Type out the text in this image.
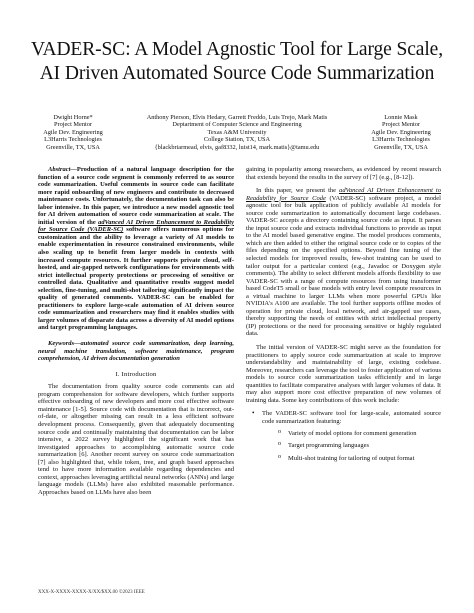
VADER-SC: A Model Agnostic Tool for Large Scale,
AI Driven Automated Source Code Summarization
Dwight Horne*
Project Mentor
Agile Dev. Engineering
L3Harris Technologies
Greenville, TX, USA
Anthony Pierson, Elvis Hedary, Garrett Freddo, Luis Trejo, Mark Matis
Deptartment of Computer Science and Engineering
Texas A&M University
College Station, TX, USA
{blackbriarmead, elvis, gaf8332, luist14, mark.matis}@tamu.edu
Lonnie Mask
Project Mentor
Agile Dev. Engineering
L3Harris Technologies
Greenville, TX, USA

Abstract—Production of a natural language description for the function of a source code segment is commonly referred to as source code summarization. Useful comments in source code can facilitate more rapid onboarding of new engineers and contribute to decreased maintenance costs. Unfortunately, the documentation task can also be labor intensive. In this paper, we introduce a new model agnostic tool for AI driven automation of source code summarization at scale. The initial version of the adVanced AI Driven Enhancement to Readability for Source Code (VADER-SC) software offers numerous options for customization and the ability to leverage a variety of AI models to enable experimentation in resource constrained environments, while also scaling up to benefit from larger models in contexts with increased compute resources. It further supports private cloud, self-hosted, and air-gapped network configurations for environments with strict intellectual property protections or processing of sensitive or controlled data. Qualitative and quantitative results suggest model selection, fine-tuning, and multi-shot tailoring significantly impact the quality of generated comments. VADER-SC can be enabled for practitioners to explore large-scale automation of AI driven source code summarization and researchers may find it enables studies with larger volumes of disparate data across a diversity of AI model options and target programming languages.

Keywords—automated source code summarization, deep learning, neural machine translation, software maintenance, program comprehension, AI driven documentation generation

I. Introduction

The documentation from quality source code comments can aid program comprehension for software developers, which further supports effective onboarding of new developers and more cost effective software maintenance [1-5]. Source code with documentation that is incorrect, out-of-date, or altogether missing can result in a less efficient software development process. Consequently, given that adequately documenting source code and continually maintaining that documentation can be labor intensive, a 2022 survey highlighted the significant work that has investigated approaches to accomplishing automatic source code summarization [6]. Another recent survey on source code summarization [7] also highlighted that, while token, tree, and graph based approaches tend to have more information available regarding dependencies and context, approaches leveraging artificial neural networks (ANNs) and large language models (LLMs) have also exhibited reasonable performance. Approaches based on LLMs have also been

gaining in popularity among researchers, as evidenced by recent research that extends beyond the results in the survey of [7] (e.g., [8-12]).

In this paper, we present the adVanced AI Driven Enhancement to Readability for Source Code (VADER-SC) software project, a model agnostic tool for bulk application of publicly available AI models for source code summarization to automatically document large codebases. VADER-SC accepts a directory containing source code as input. It parses the input source code and extracts individual functions to provide as input to the AI model based generative engine. The model produces comments, which are then added to either the original source code or to copies of the files depending on the specified options. Beyond fine tuning of the selected models for improved results, few-shot training can be used to tailor output for a particular context (e.g., Javadoc or Doxygen style comments). The ability to select different models affords flexibility to use VADER-SC with a range of compute resources from using transformer based CodeT5 small or base models with entry level compute resources in a virtual machine to larger LLMs when more powerful GPUs like NVIDIA's A100 are available. The tool further supports offline modes of operation for private cloud, local network, and air-gapped use cases, thereby supporting the needs of entities with strict intellectual property (IP) protections or the need for processing sensitive or highly regulated data.

The initial version of VADER-SC might serve as the foundation for practitioners to apply source code summarization at scale to improve understandability and maintainability of large, existing codebase. Moreover, researchers can leverage the tool to foster application of various models to source code summarization tasks efficiently and in large quantities to facilitate comparative analyses with larger volumes of data. It may also support more cost effective preparation of new volumes of training data. Some key contributions of this work include:

• The VADER-SC software tool for large-scale, automated source code summarization featuring:
o Variety of model options for comment generation
o Target programming languages
o Multi-shot training for tailoring of output format
XXX-X-XXXX-XXXX-X/XX/$XX.00 ©2023 IEEE
